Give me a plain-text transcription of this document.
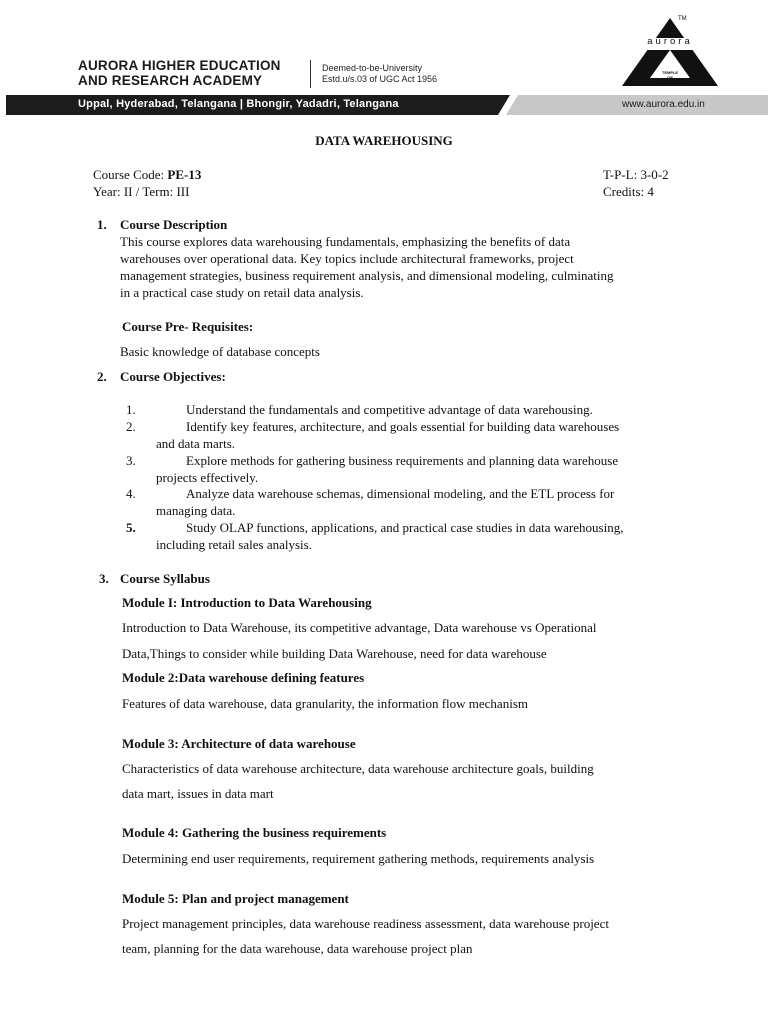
AURORA HIGHER EDUCATION
AND RESEARCH ACADEMY
Deemed-to-be-University
Estd.u/s.03 of UGC Act 1956
TM
aurora
TEMPLE
OF
LEARNING
Uppal, Hyderabad, Telangana | Bhongir, Yadadri, Telangana	www.aurora.edu.in
DATA WAREHOUSING
Course Code: PE-13	T-P-L: 3-0-2
Year: II / Term: III	Credits: 4
1. Course Description
This course explores data warehousing fundamentals, emphasizing the benefits of data
warehouses over operational data. Key topics include architectural frameworks, project
management strategies, business requirement analysis, and dimensional modeling, culminating
in a practical case study on retail data analysis.
Course Pre- Requisites:
Basic knowledge of database concepts
2. Course Objectives:
1.	Understand the fundamentals and competitive advantage of data warehousing.
2.	Identify key features, architecture, and goals essential for building data warehouses
and data marts.
3.	Explore methods for gathering business requirements and planning data warehouse
projects effectively.
4.	Analyze data warehouse schemas, dimensional modeling, and the ETL process for
managing data.
5.	Study OLAP functions, applications, and practical case studies in data warehousing,
including retail sales analysis.
3. Course Syllabus
Module I: Introduction to Data Warehousing
Introduction to Data Warehouse, its competitive advantage, Data warehouse vs Operational
Data,Things to consider while building Data Warehouse, need for data warehouse
Module 2:Data warehouse defining features
Features of data warehouse, data granularity, the information flow mechanism
Module 3: Architecture of data warehouse
Characteristics of data warehouse architecture, data warehouse architecture goals, building
data mart, issues in data mart
Module 4: Gathering the business requirements
Determining end user requirements, requirement gathering methods, requirements analysis
Module 5: Plan and project management
Project management principles, data warehouse readiness assessment, data warehouse project
team, planning for the data warehouse, data warehouse project plan
